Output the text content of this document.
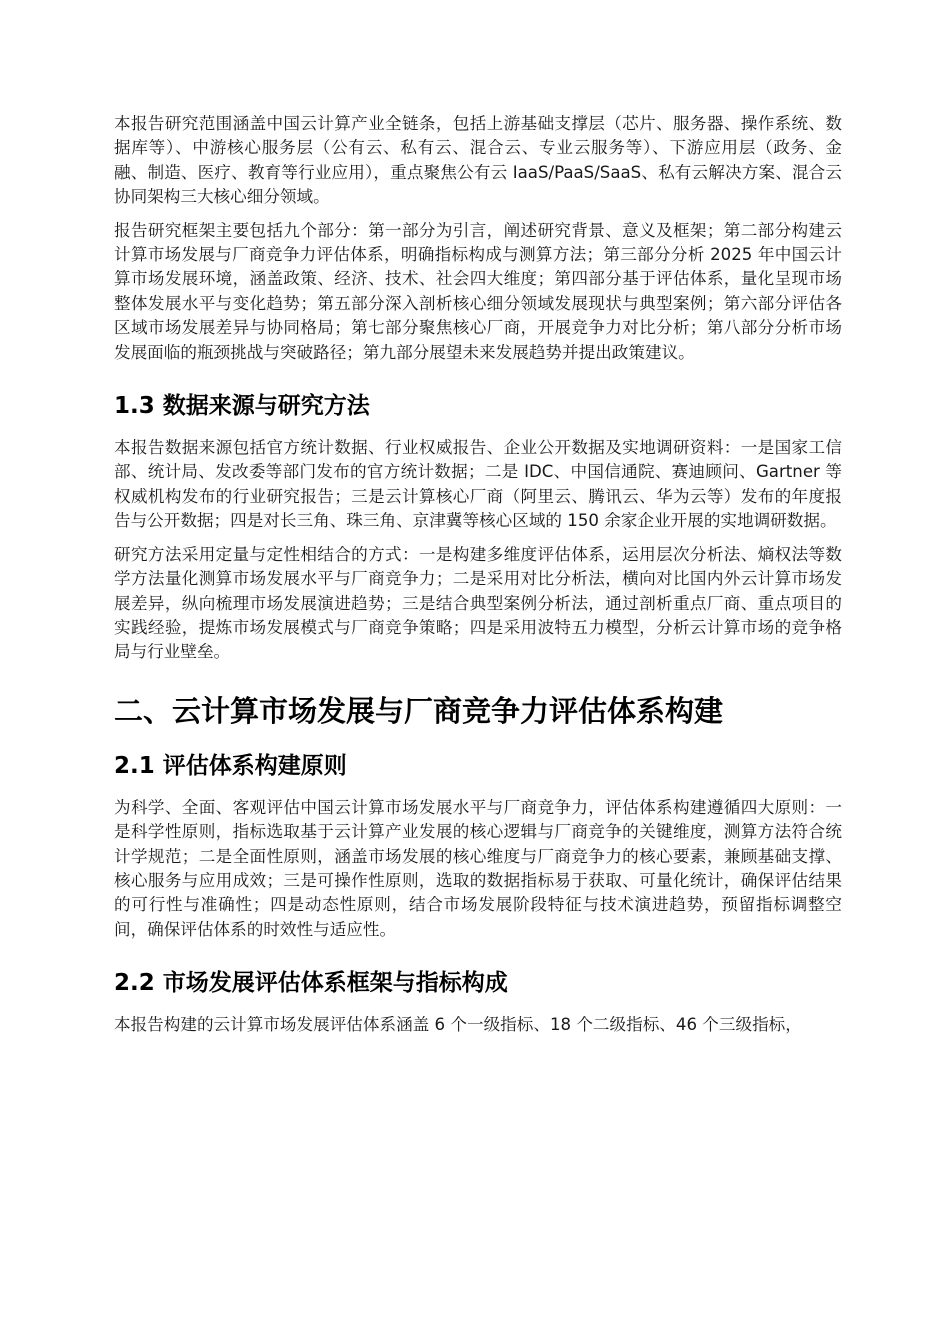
本报告研究范围涵盖中国云计算产业全链条，包括上游基础支撑层（芯片、服务器、操作系统、数据库等）、中游核心服务层（公有云、私有云、混合云、专业云服务等）、下游应用层（政务、金融、制造、医疗、教育等行业应用），重点聚焦公有云 IaaS/PaaS/SaaS、私有云解决方案、混合云协同架构三大核心细分领域。

报告研究框架主要包括九个部分：第一部分为引言，阐述研究背景、意义及框架；第二部分构建云计算市场发展与厂商竞争力评估体系，明确指标构成与测算方法；第三部分分析 2025 年中国云计算市场发展环境，涵盖政策、经济、技术、社会四大维度；第四部分基于评估体系，量化呈现市场整体发展水平与变化趋势；第五部分深入剖析核心细分领域发展现状与典型案例；第六部分评估各区域市场发展差异与协同格局；第七部分聚焦核心厂商，开展竞争力对比分析；第八部分分析市场发展面临的瓶颈挑战与突破路径；第九部分展望未来发展趋势并提出政策建议。

1.3 数据来源与研究方法

本报告数据来源包括官方统计数据、行业权威报告、企业公开数据及实地调研资料：一是国家工信部、统计局、发改委等部门发布的官方统计数据；二是 IDC、中国信通院、赛迪顾问、Gartner 等权威机构发布的行业研究报告；三是云计算核心厂商（阿里云、腾讯云、华为云等）发布的年度报告与公开数据；四是对长三角、珠三角、京津冀等核心区域的 150 余家企业开展的实地调研数据。

研究方法采用定量与定性相结合的方式：一是构建多维度评估体系，运用层次分析法、熵权法等数学方法量化测算市场发展水平与厂商竞争力；二是采用对比分析法，横向对比国内外云计算市场发展差异，纵向梳理市场发展演进趋势；三是结合典型案例分析法，通过剖析重点厂商、重点项目的实践经验，提炼市场发展模式与厂商竞争策略；四是采用波特五力模型，分析云计算市场的竞争格局与行业壁垒。

二、云计算市场发展与厂商竞争力评估体系构建
2.1 评估体系构建原则

为科学、全面、客观评估中国云计算市场发展水平与厂商竞争力，评估体系构建遵循四大原则：一是科学性原则，指标选取基于云计算产业发展的核心逻辑与厂商竞争的关键维度，测算方法符合统计学规范；二是全面性原则，涵盖市场发展的核心维度与厂商竞争力的核心要素，兼顾基础支撑、核心服务与应用成效；三是可操作性原则，选取的数据指标易于获取、可量化统计，确保评估结果的可行性与准确性；四是动态性原则，结合市场发展阶段特征与技术演进趋势，预留指标调整空间，确保评估体系的时效性与适应性。

2.2 市场发展评估体系框架与指标构成

本报告构建的云计算市场发展评估体系涵盖 6 个一级指标、18 个二级指标、46 个三级指标，
